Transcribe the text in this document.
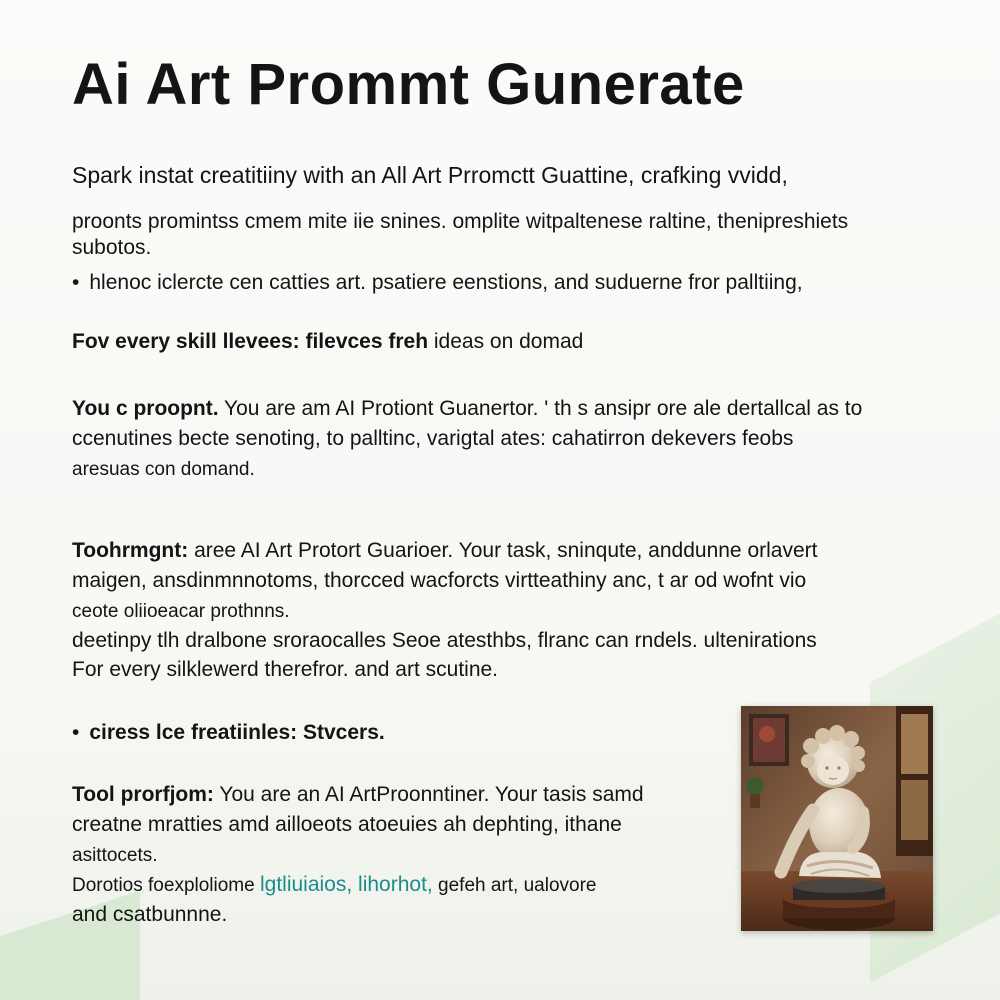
Ai Art Prommt Gunerate

Spark instat creatitiiny with an All Art Prromctt Guattine, crafking vvidd,

proonts promintss cmem mite iie snines. omplite witpaltenese raltine, thenipreshiets

subotos.

• hlenoc iclercte cen catties art. psatiere eenstions, and suduerne fror palltiing,

Fov every skill llevees: filevces freh ideas on domad

You c proopnt. You are am AI Protiont Guanertor. ' th s ansipr ore ale dertallcal as to
ccenutines becte senoting, to palltinc, varigtal ates: cahatirron dekevers feobs
aresuas con domand.

Toohrmgnt: aree AI Art Protort Guarioer. Your task, sninqute, anddunne orlavert
maigen, ansdinmnnotoms, thorcced wacforcts virtteathiny anc, t ar od wofnt vio
ceote oliioeacar prothnns.
deetinpy tlh dralbone sroraocalles Seoe atesthbs, flranc can rndels. ultenirations
For every silklewerd therefror. and art scutine.

• ciress lce freatiinles: Stvcers.

Tool prorfjom: You are an AI ArtProonntiner. Your tasis samd
creatne mratties amd ailloeots atoeuies ah dephting, ithane
asittocets.
Dorotios foexploliome lgtliuiaios, lihorhot, gefeh art, ualovore
and csatbunnne.
